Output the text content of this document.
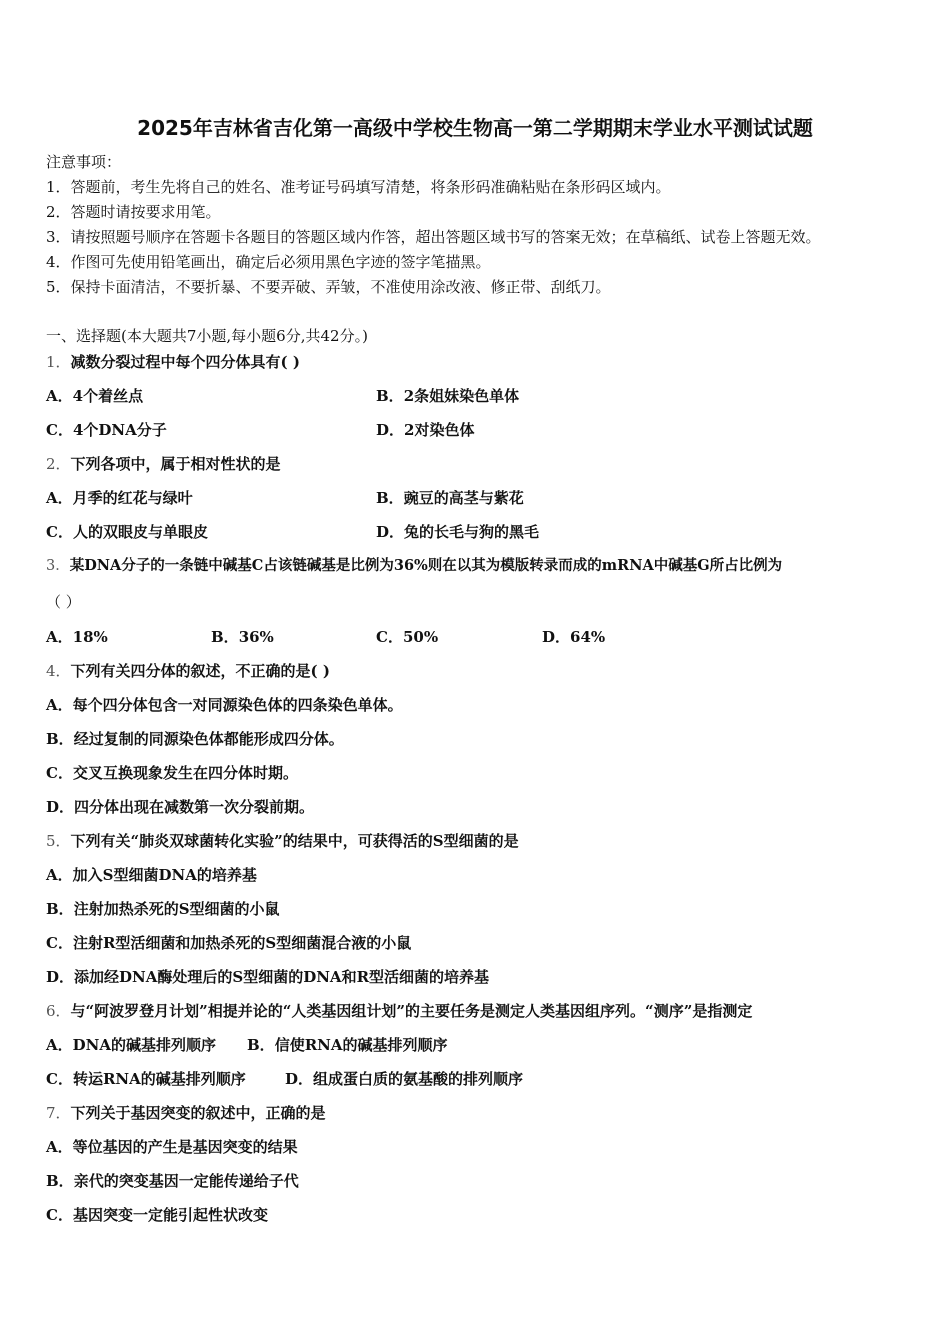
2025年吉林省吉化第一高级中学校生物高一第二学期期末学业水平测试试题
注意事项：
1．答题前，考生先将自己的姓名、准考证号码填写清楚，将条形码准确粘贴在条形码区域内。
2．答题时请按要求用笔。
3．请按照题号顺序在答题卡各题目的答题区域内作答，超出答题区域书写的答案无效；在草稿纸、试卷上答题无效。
4．作图可先使用铅笔画出，确定后必须用黑色字迹的签字笔描黑。
5．保持卡面清洁，不要折暴、不要弄破、弄皱，不准使用涂改液、修正带、刮纸刀。
一、选择题(本大题共7小题,每小题6分,共42分。)
1．减数分裂过程中每个四分体具有( )
A．4个着丝点	B．2条姐妹染色单体
C．4个DNA分子	D．2对染色体
2．下列各项中，属于相对性状的是
A．月季的红花与绿叶	B．豌豆的高茎与紫花
C．人的双眼皮与单眼皮	D．兔的长毛与狗的黑毛
3．某DNA分子的一条链中碱基C占该链碱基是比例为36%则在以其为模版转录而成的mRNA中碱基G所占比例为
（ ）
A．18%	B．36%	C．50%	D．64%
4．下列有关四分体的叙述，不正确的是( )
A．每个四分体包含一对同源染色体的四条染色单体。
B．经过复制的同源染色体都能形成四分体。
C．交叉互换现象发生在四分体时期。
D．四分体出现在减数第一次分裂前期。
5．下列有关“肺炎双球菌转化实验”的结果中，可获得活的S型细菌的是
A．加入S型细菌DNA的培养基
B．注射加热杀死的S型细菌的小鼠
C．注射R型活细菌和加热杀死的S型细菌混合液的小鼠
D．添加经DNA酶处理后的S型细菌的DNA和R型活细菌的培养基
6．与“阿波罗登月计划”相提并论的“人类基因组计划”的主要任务是测定人类基因组序列。“测序”是指测定
A．DNA的碱基排列顺序 B．信使RNA的碱基排列顺序
C．转运RNA的碱基排列顺序	D．组成蛋白质的氨基酸的排列顺序
7．下列关于基因突变的叙述中，正确的是
A．等位基因的产生是基因突变的结果
B．亲代的突变基因一定能传递给子代
C．基因突变一定能引起性状改变
